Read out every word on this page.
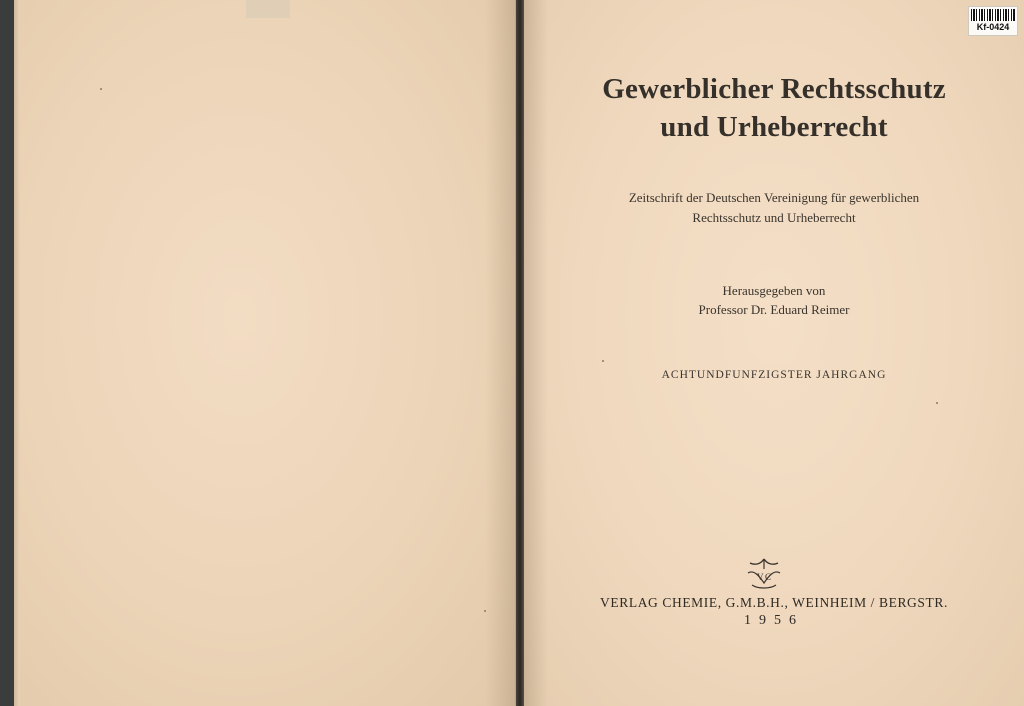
Kf-0424
Gewerblicher Rechtsschutz
und Urheberrecht
Zeitschrift der Deutschen Vereinigung für gewerblichen
Rechtsschutz und Urheberrecht
Herausgegeben von
Professor Dr. Eduard Reimer
ACHTUNDFUNFZIGSTER JAHRGANG
V C
VERLAG CHEMIE, G.M.B.H., WEINHEIM / BERGSTR.
1956
